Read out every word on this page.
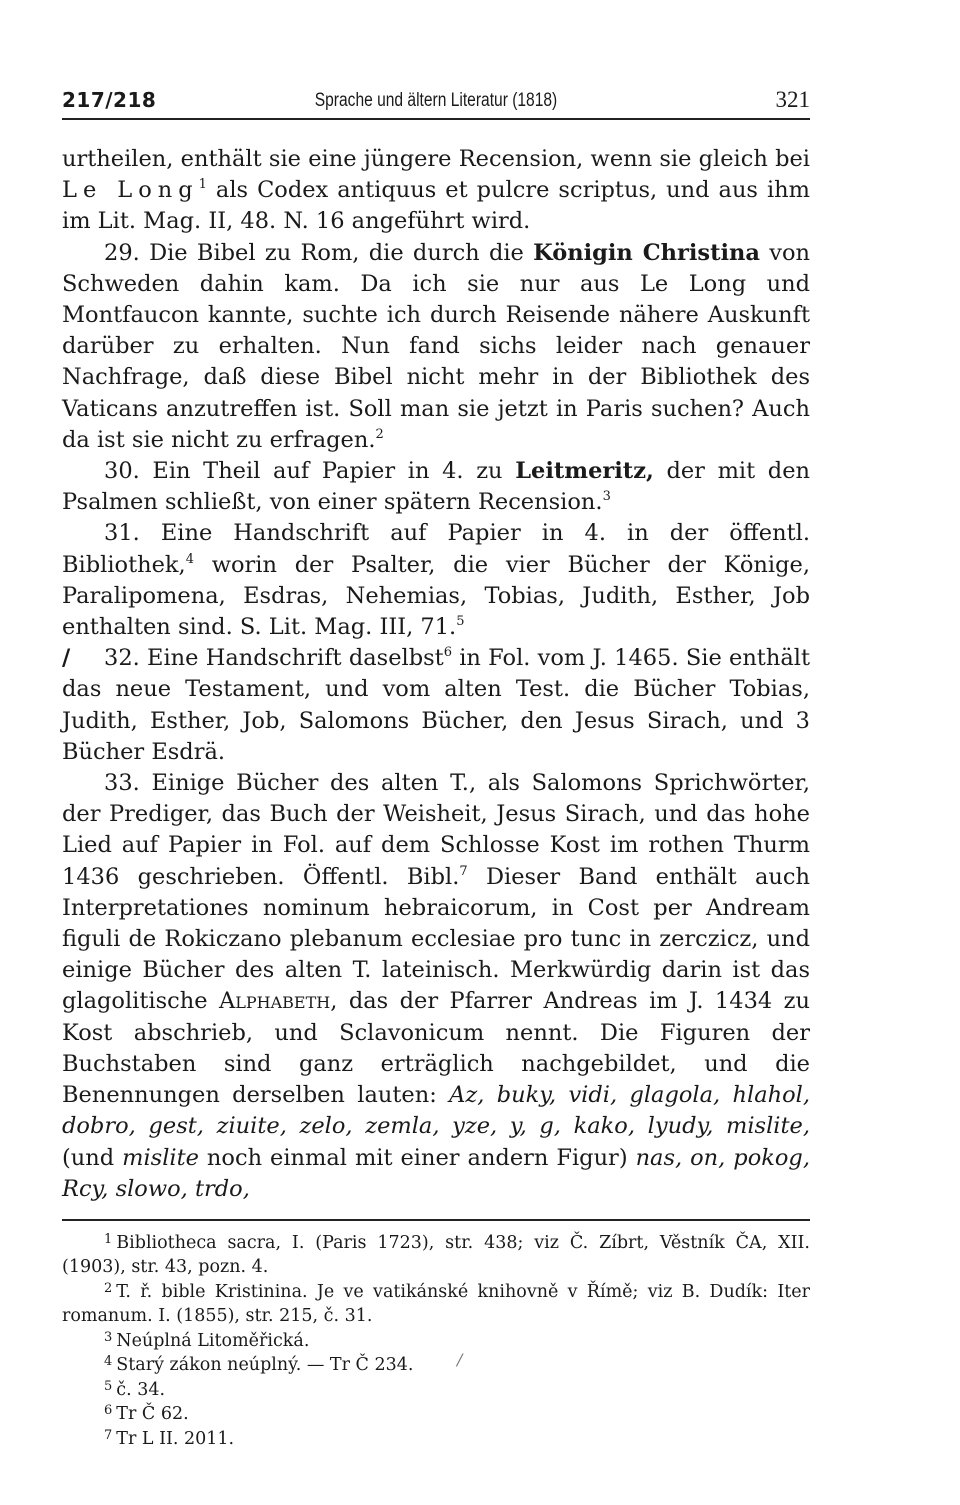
217/218	Sprache und ältern Literatur (1818)	321

urtheilen, enthält sie eine jüngere Recension, wenn sie gleich bei Le Long$^1$ als Codex antiquus et pulcre scriptus, und aus ihm im Lit. Mag. II, 48. N. 16 angeführt wird.

29. Die Bibel zu Rom, die durch die Königin Christina von Schweden dahin kam. Da ich sie nur aus Le Long und Montfaucon kannte, suchte ich durch Reisende nähere Auskunft darüber zu erhalten. Nun fand sichs leider nach genauer Nachfrage, daß diese Bibel nicht mehr in der Bibliothek des Vaticans anzutreffen ist. Soll man sie jetzt in Paris suchen? Auch da ist sie nicht zu erfragen.$^2$

30. Ein Theil auf Papier in 4. zu Leitmeritz, der mit den Psalmen schließt, von einer spätern Recension.$^3$

31. Eine Handschrift auf Papier in 4. in der öffentl. Bibliothek,$^4$ worin der Psalter, die vier Bücher der Könige, Paralipomena, Esdras, Nehemias, Tobias, Judith, Esther, Job enthalten sind. S. Lit. Mag. III, 71.$^5$

/ 32. Eine Handschrift daselbst$^6$ in Fol. vom J. 1465. Sie enthält das neue Testament, und vom alten Test. die Bücher Tobias, Judith, Esther, Job, Salomons Bücher, den Jesus Sirach, und 3 Bücher Esdrä.

33. Einige Bücher des alten T., als Salomons Sprichwörter, der Prediger, das Buch der Weisheit, Jesus Sirach, und das hohe Lied auf Papier in Fol. auf dem Schlosse Kost im rothen Thurm 1436 geschrieben. Öffentl. Bibl.$^7$ Dieser Band enthält auch Interpretationes nominum hebraicorum, in Cost per Andream figuli de Rokiczano plebanum ecclesiae pro tunc in zerczicz, und einige Bücher des alten T. lateinisch. Merkwürdig darin ist das glagolitische Alphabeth, das der Pfarrer Andreas im J. 1434 zu Kost abschrieb, und Sclavonicum nennt. Die Figuren der Buchstaben sind ganz erträglich nachgebildet, und die Benennungen derselben lauten: Az, buky, vidi, glagola, hlahol, dobro, gest, ziuite, zelo, zemla, yze, y, g, kako, lyudy, mislite, (und mislite noch einmal mit einer andern Figur) nas, on, pokog, Rcy, slowo, trdo,

$^1$ Bibliotheca sacra, I. (Paris 1723), str. 438; viz Č. Zíbrt, Věstník ČA, XII. (1903), str. 43, pozn. 4.

$^2$ T. ř. bible Kristinina. Je ve vatikánské knihovně v Římě; viz B. Dudík: Iter romanum. I. (1855), str. 215, č. 31.

$^3$ Neúplná Litoměřická.

$^4$ Starý zákon neúplný. — Tr Č 234.

$^5$ č. 34.

$^6$ Tr Č 62.

$^7$ Tr L II. 2011.

/
